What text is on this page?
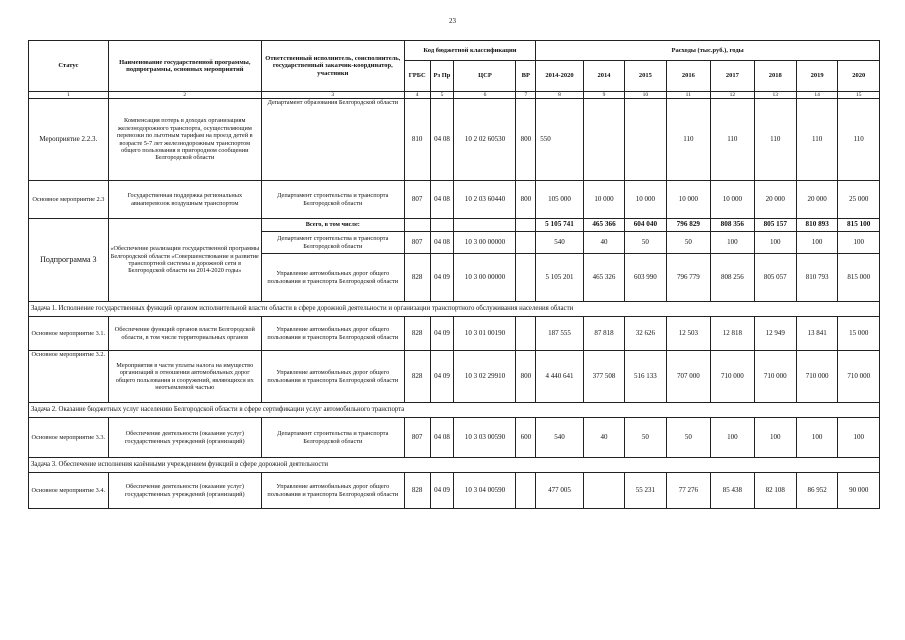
23
Статус	Наименование государственной программы, подпрограммы, основных мероприятий	Ответственный исполнитель, соисполнитель, государственный заказчик-координатор, участники	Код бюджетной классификации				Расходы (тыс.руб.), годы							
			ГРБС	Рз Пр	ЦСР	ВР	2014-2020	2014	2015	2016	2017	2018	2019	2020
1	2	3	4	5	6	7	8	9	10	11	12	13	14	15
Мероприятие 2.2.3.	Компенсация потерь в доходах организациям железнодорожного транспорта, осуществляющим перевозки по льготным тарифам на проезд детей в возрасте 5-7 лет железнодорожным транспортом общего пользования в пригородном сообщении Белгородской области	Департамент образования Белгородской области	810	04 08	10 2 02 60530	800	550			110	110	110	110	110
Основное мероприятие 2.3	Государственная поддержка региональных авиаперевозок воздушным транспортом	Департамент строительства и транспорта Белгородской области	807	04 08	10 2 03 60440	800	105 000	10 000	10 000	10 000	10 000	20 000	20 000	25 000
Подпрограмма 3	«Обеспечение реализации государственной программы Белгородской области «Совершенствование и развитие транспортной системы и дорожной сети в Белгородской области на 2014-2020 годы»	Всего, в том числе:					5 105 741	465 366	604 040	796 829	808 356	805 157	810 893	815 100
		Департамент строительства и транспорта Белгородской области	807	04 08	10 3 00 00000		540	40	50	50	100	100	100	100
		Управление автомобильных дорог общего пользования и транспорта Белгородской области	828	04 09	10 3 00 00000		5 105 201	465 326	603 990	796 779	808 256	805 057	810 793	815 000
Задача 1. Исполнение государственных функций органом исполнительной власти области в сфере дорожной деятельности и организации транспортного обслуживания населения области														
Основное мероприятие 3.1.	Обеспечение функций органов власти Белгородской области, в том числе территориальных органов	Управление автомобильных дорог общего пользования и транспорта Белгородской области	828	04 09	10 3 01 00190		187 555	87 818	32 626	12 503	12 818	12 949	13 841	15 000
Основное мероприятие 3.2.	Мероприятия в части уплаты налога на имущество организаций в отношении автомобильных дорог общего пользования и сооружений, являющихся их неотъемлемой частью	Управление автомобильных дорог общего пользования и транспорта Белгородской области	828	04 09	10 3 02 29910	800	4 440 641	377 508	516 133	707 000	710 000	710 000	710 000	710 000
Задача 2. Оказание бюджетных услуг населению Белгородской области в сфере сертификации услуг автомобильного транспорта														
Основное мероприятие 3.3.	Обеспечение деятельности (оказание услуг) государственных учреждений (организаций)	Департамент строительства и транспорта Белгородской области	807	04 08	10 3 03 00590	600	540	40	50	50	100	100	100	100
Задача 3. Обеспечение исполнения казёнными учреждением функций в сфере дорожной деятельности														
Основное мероприятие 3.4.	Обеспечение деятельности (оказание услуг) государственных учреждений (организаций)	Управление автомобильных дорог общего пользования и транспорта Белгородской области	828	04 09	10 3 04 00590		477 005		55 231	77 276	85 438	82 108	86 952	90 000
